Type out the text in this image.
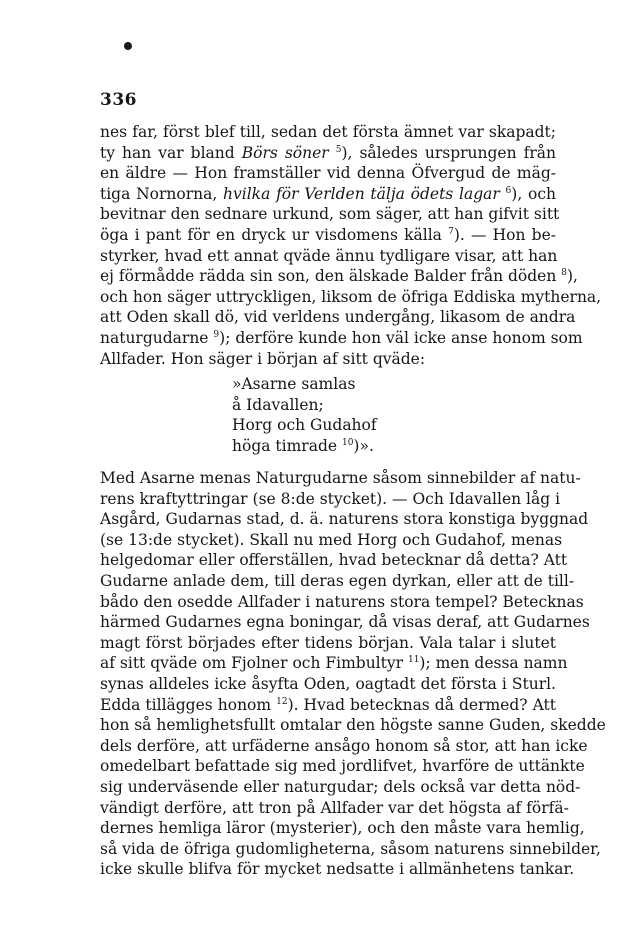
336
nes far, först blef till, sedan det första ämnet var skapadt;
ty han var bland Börs söner $^5$), således ursprungen från
en äldre — Hon framställer vid denna Öfvergud de mäg-
tiga Nornorna, hvilka för Verlden tälja ödets lagar $^6$), och
bevitnar den sednare urkund, som säger, att han gifvit sitt
öga i pant för en dryck ur visdomens källa $^7$). — Hon be-
styrker, hvad ett annat qväde ännu tydligare visar, att han
ej förmådde rädda sin son, den älskade Balder från döden $^8$),
och hon säger uttryckligen, liksom de öfriga Eddiska mytherna,
att Oden skall dö, vid verldens undergång, likasom de andra
naturgudarne $^9$); derföre kunde hon väl icke anse honom som
Allfader. Hon säger i början af sitt qväde:
»Asarne samlas
å Idavallen;
Horg och Gudahof
höga timrade $^{10}$)».
Med Asarne menas Naturgudarne såsom sinnebilder af natu-
rens kraftyttringar (se 8:de stycket). — Och Idavallen låg i
Asgård, Gudarnas stad, d. ä. naturens stora konstiga byggnad
(se 13:de stycket). Skall nu med Horg och Gudahof, menas
helgedomar eller offerställen, hvad betecknar då detta? Att
Gudarne anlade dem, till deras egen dyrkan, eller att de till-
bådo den osedde Allfader i naturens stora tempel? Betecknas
härmed Gudarnes egna boningar, då visas deraf, att Gudarnes
magt först börjades efter tidens början. Vala talar i slutet
af sitt qväde om Fjolner och Fimbultyr $^{11}$); men dessa namn
synas alldeles icke åsyfta Oden, oagtadt det första i Sturl.
Edda tillägges honom $^{12}$). Hvad betecknas då dermed? Att
hon så hemlighetsfullt omtalar den högste sanne Guden, skedde
dels derföre, att urfäderne ansågo honom så stor, att han icke
omedelbart befattade sig med jordlifvet, hvarföre de uttänkte
sig underväsende eller naturgudar; dels också var detta nöd-
vändigt derföre, att tron på Allfader var det högsta af förfä-
dernes hemliga läror (mysterier), och den måste vara hemlig,
så vida de öfriga gudomligheterna, såsom naturens sinnebilder,
icke skulle blifva för mycket nedsatte i allmänhetens tankar.
